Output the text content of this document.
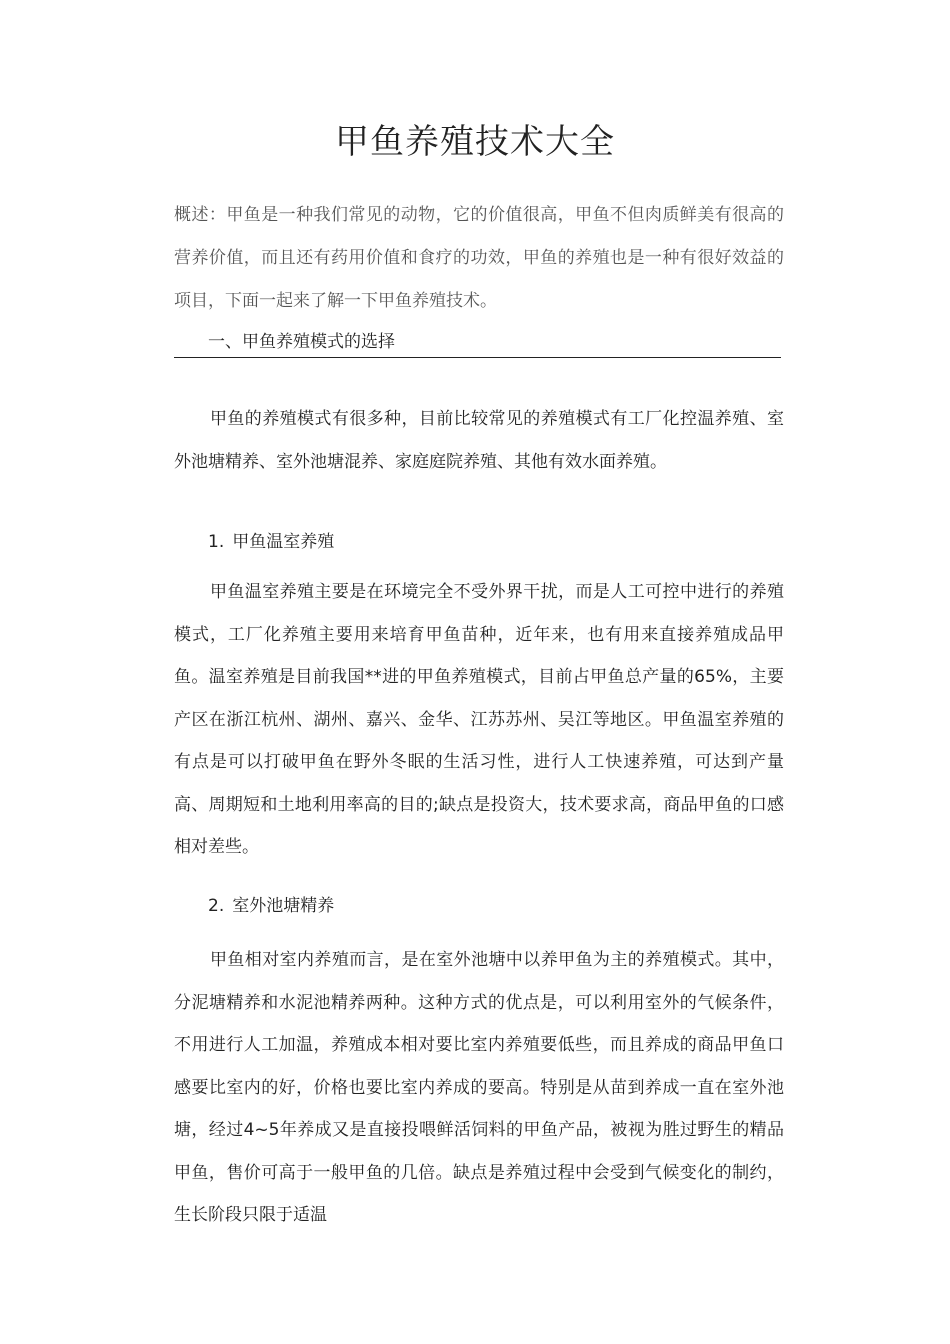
甲鱼养殖技术大全

概述：甲鱼是一种我们常见的动物，它的价值很高，甲鱼不但肉质鲜美有很高的营养价值，而且还有药用价值和食疗的功效，甲鱼的养殖也是一种有很好效益的项目，下面一起来了解一下甲鱼养殖技术。

一、甲鱼养殖模式的选择

甲鱼的养殖模式有很多种，目前比较常见的养殖模式有工厂化控温养殖、室外池塘精养、室外池塘混养、家庭庭院养殖、其他有效水面养殖。

1. 甲鱼温室养殖

甲鱼温室养殖主要是在环境完全不受外界干扰，而是人工可控中进行的养殖模式，工厂化养殖主要用来培育甲鱼苗种，近年来，也有用来直接养殖成品甲鱼。温室养殖是目前我国**进的甲鱼养殖模式，目前占甲鱼总产量的65%，主要产区在浙江杭州、湖州、嘉兴、金华、江苏苏州、吴江等地区。甲鱼温室养殖的有点是可以打破甲鱼在野外冬眠的生活习性，进行人工快速养殖，可达到产量高、周期短和土地利用率高的目的;缺点是投资大，技术要求高，商品甲鱼的口感相对差些。

2. 室外池塘精养

甲鱼相对室内养殖而言，是在室外池塘中以养甲鱼为主的养殖模式。其中，分泥塘精养和水泥池精养两种。这种方式的优点是，可以利用室外的气候条件，不用进行人工加温，养殖成本相对要比室内养殖要低些，而且养成的商品甲鱼口感要比室内的好，价格也要比室内养成的要高。特别是从苗到养成一直在室外池塘，经过4~5年养成又是直接投喂鲜活饲料的甲鱼产品，被视为胜过野生的精品甲鱼，售价可高于一般甲鱼的几倍。缺点是养殖过程中会受到气候变化的制约，生长阶段只限于适温
